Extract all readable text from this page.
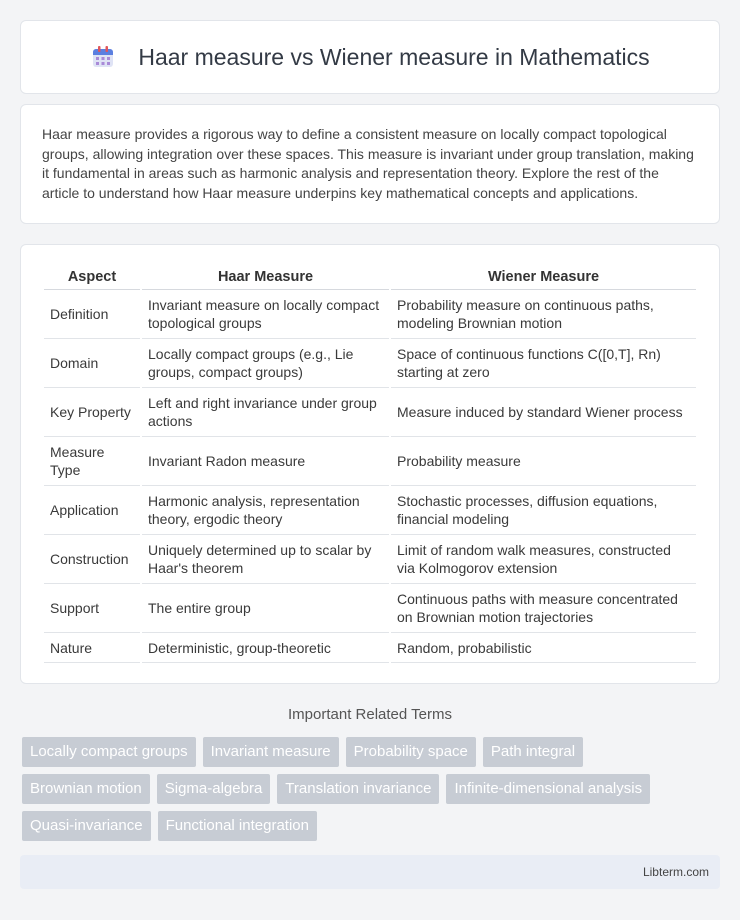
Haar measure vs Wiener measure in Mathematics

Haar measure provides a rigorous way to define a consistent measure on locally compact topological groups, allowing integration over these spaces. This measure is invariant under group translation, making it fundamental in areas such as harmonic analysis and representation theory. Explore the rest of the article to understand how Haar measure underpins key mathematical concepts and applications.

Aspect	Haar Measure	Wiener Measure
Definition	Invariant measure on locally compact topological groups	Probability measure on continuous paths, modeling Brownian motion
Domain	Locally compact groups (e.g., Lie groups, compact groups)	Space of continuous functions C([0,T], Rn) starting at zero
Key Property	Left and right invariance under group actions	Measure induced by standard Wiener process
Measure Type	Invariant Radon measure	Probability measure
Application	Harmonic analysis, representation theory, ergodic theory	Stochastic processes, diffusion equations, financial modeling
Construction	Uniquely determined up to scalar by Haar's theorem	Limit of random walk measures, constructed via Kolmogorov extension
Support	The entire group	Continuous paths with measure concentrated on Brownian motion trajectories
Nature	Deterministic, group-theoretic	Random, probabilistic
Important Related Terms
Locally compact groups	Invariant measure	Probability space	Path integral
Brownian motion	Sigma-algebra	Translation invariance	Infinite-dimensional analysis
Quasi-invariance	Functional integration
Libterm.com
